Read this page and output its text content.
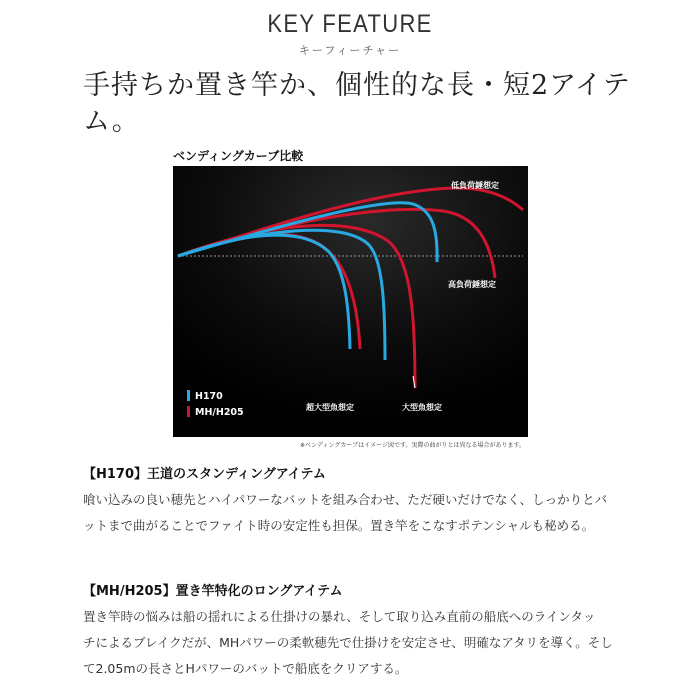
KEY FEATURE
キーフィーチャー
手持ちか置き竿か、個性的な長・短2アイテム。
ベンディングカーブ比較
低負荷錘想定
高負荷錘想定
超大型魚想定	大型魚想定
H170
MH/H205
※ベンディングカーブはイメージ図です。実際の曲がりとは異なる場合があります。
【H170】王道のスタンディングアイテム
喰い込みの良い穂先とハイパワーなバットを組み合わせ、ただ硬いだけでなく、しっかりとバ
ットまで曲がることでファイト時の安定性も担保。置き竿をこなすポテンシャルも秘める。
【MH/H205】置き竿特化のロングアイテム
置き竿時の悩みは船の揺れによる仕掛けの暴れ、そして取り込み直前の船底へのラインタッ
チによるブレイクだが、MHパワーの柔軟穂先で仕掛けを安定させ、明確なアタリを導く。そし
て2.05mの長さとHパワーのバットで船底をクリアする。
